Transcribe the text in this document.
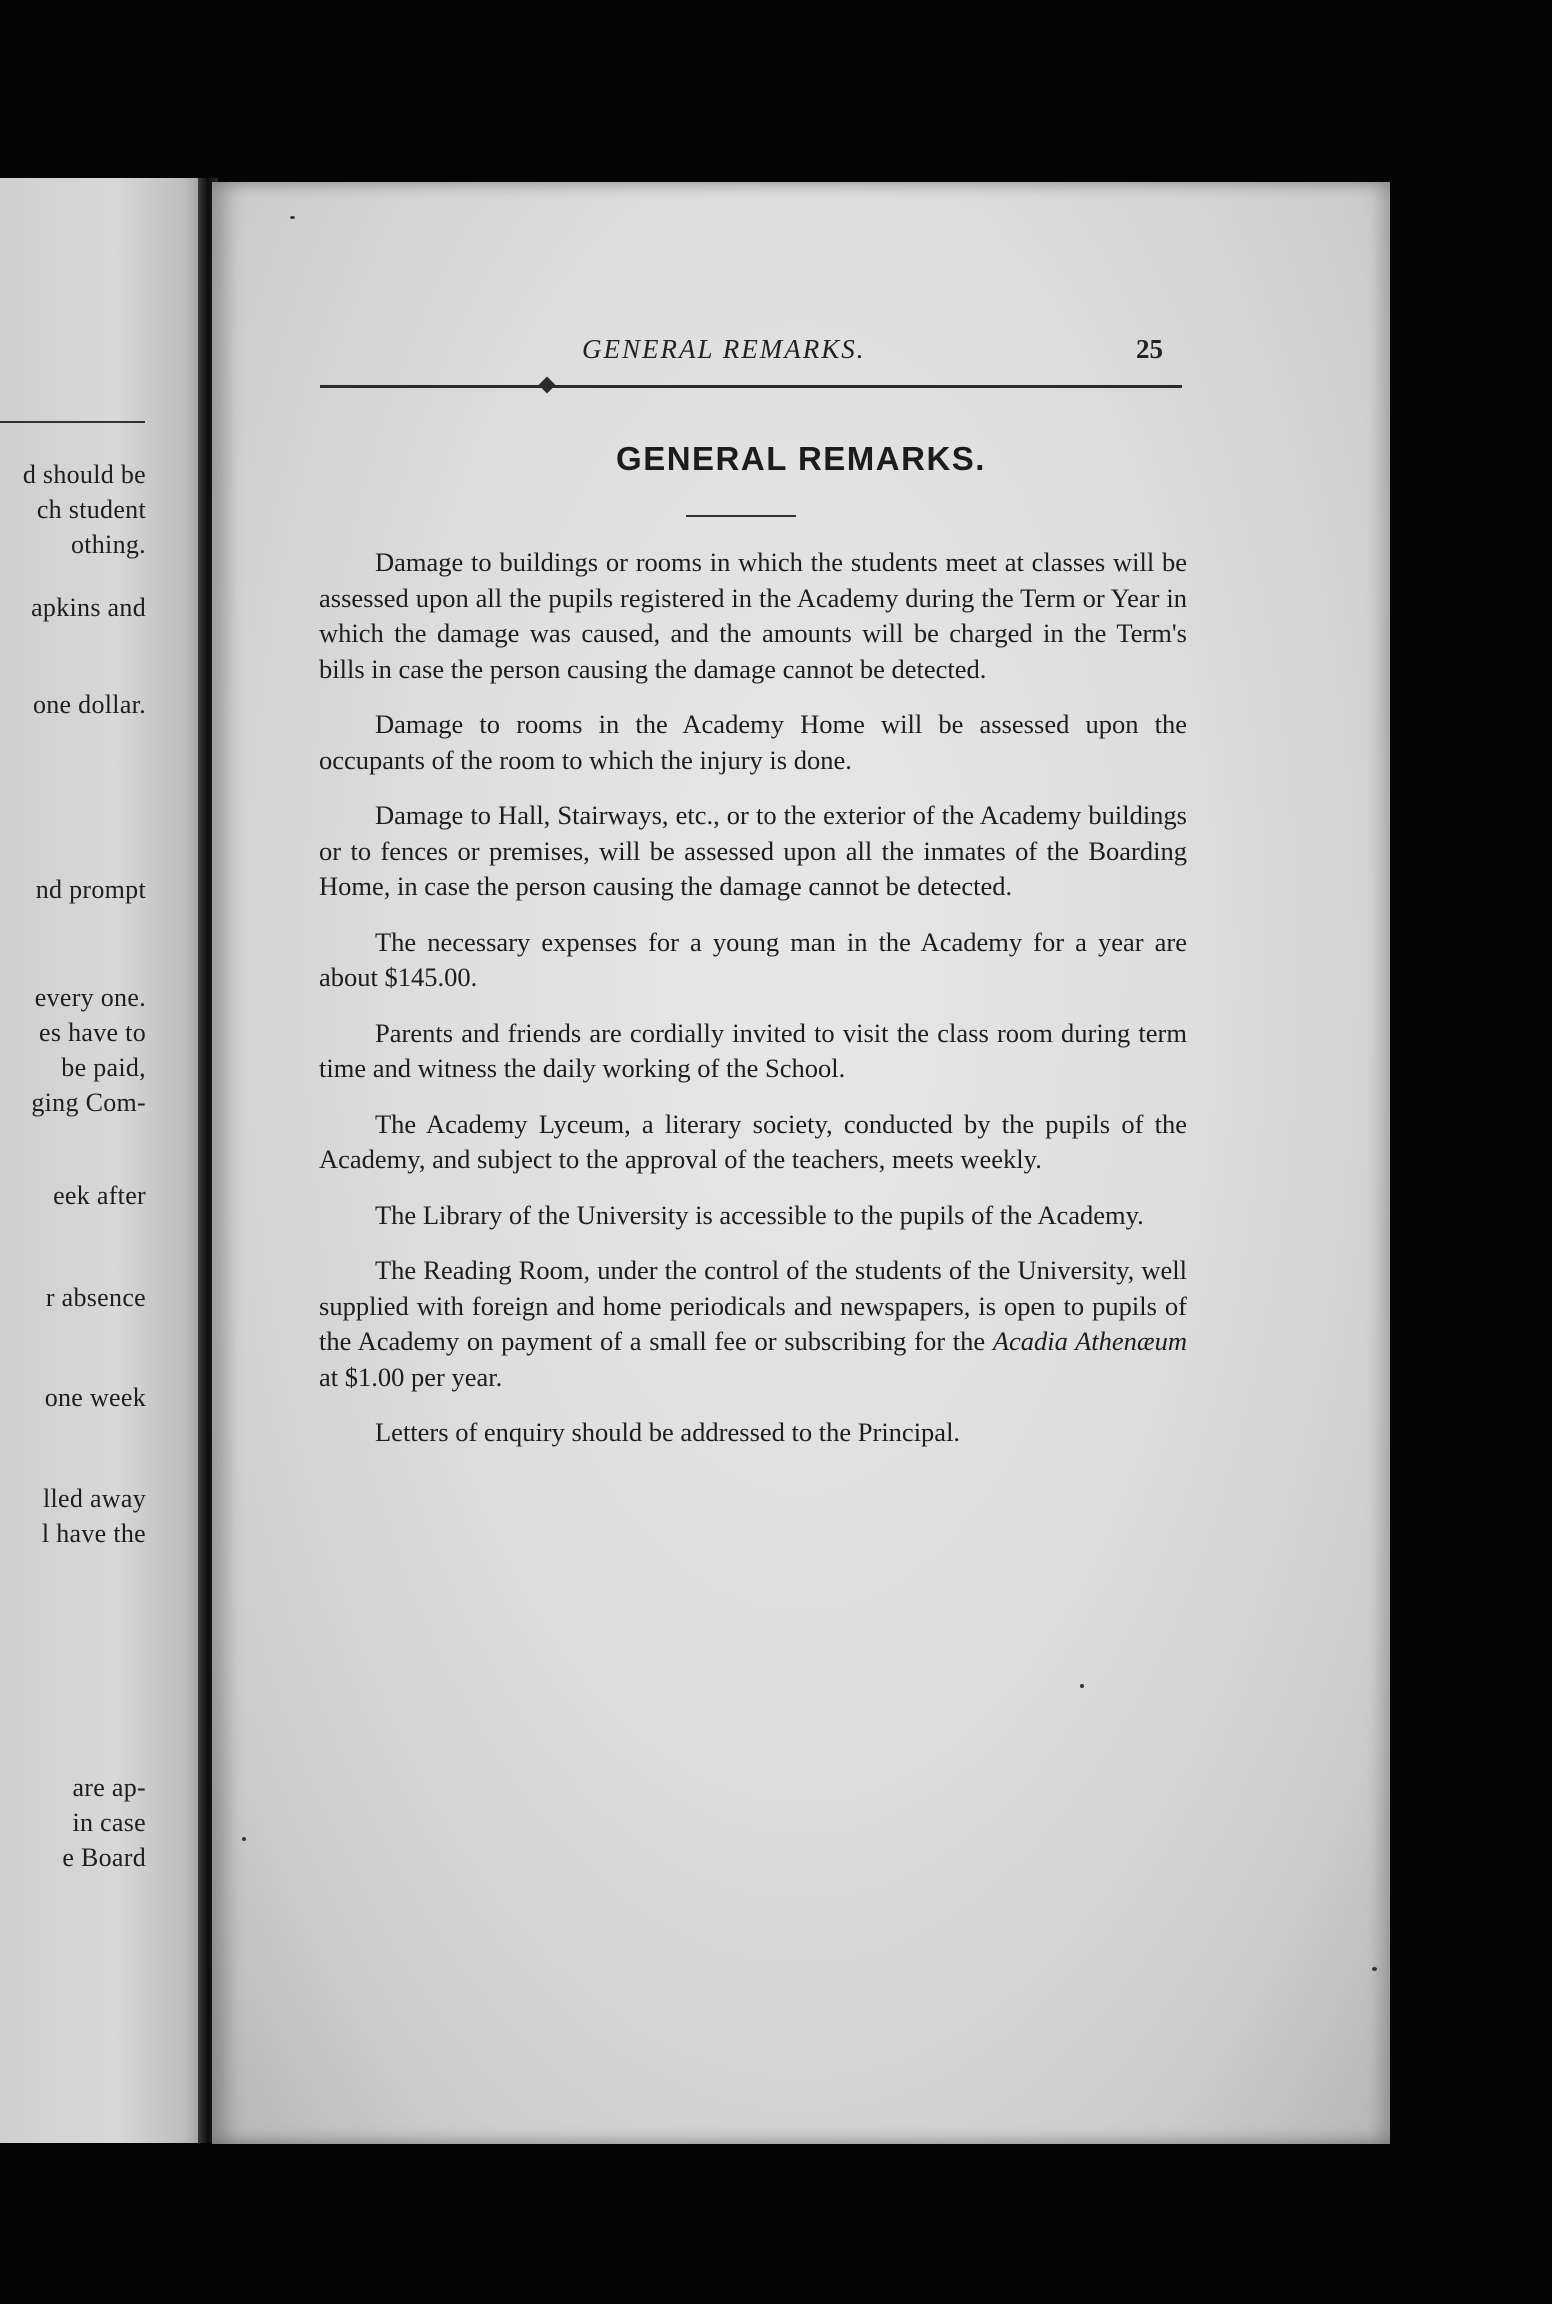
d should be
ch student
othing.
apkins and
one dollar.
nd prompt
every one.
es have to
be paid,
ging Com-
eek after
r absence
one week
lled away
l have the
are ap-
in case
e Board
GENERAL REMARKS.	25
GENERAL REMARKS.

Damage to buildings or rooms in which the students meet at classes will be assessed upon all the pupils registered in the Academy during the Term or Year in which the damage was caused, and the amounts will be charged in the Term's bills in case the person causing the damage cannot be detected.

Damage to rooms in the Academy Home will be assessed upon the occupants of the room to which the injury is done.

Damage to Hall, Stairways, etc., or to the exterior of the Academy buildings or to fences or premises, will be assessed upon all the inmates of the Boarding Home, in case the person causing the damage cannot be detected.

The necessary expenses for a young man in the Academy for a year are about $145.00.

Parents and friends are cordially invited to visit the class room during term time and witness the daily working of the School.

The Academy Lyceum, a literary society, conducted by the pupils of the Academy, and subject to the approval of the teachers, meets weekly.

The Library of the University is accessible to the pupils of the Academy.

The Reading Room, under the control of the students of the University, well supplied with foreign and home periodicals and newspapers, is open to pupils of the Academy on payment of a small fee or subscribing for the Acadia Athenæum at $1.00 per year.

Letters of enquiry should be addressed to the Principal.
